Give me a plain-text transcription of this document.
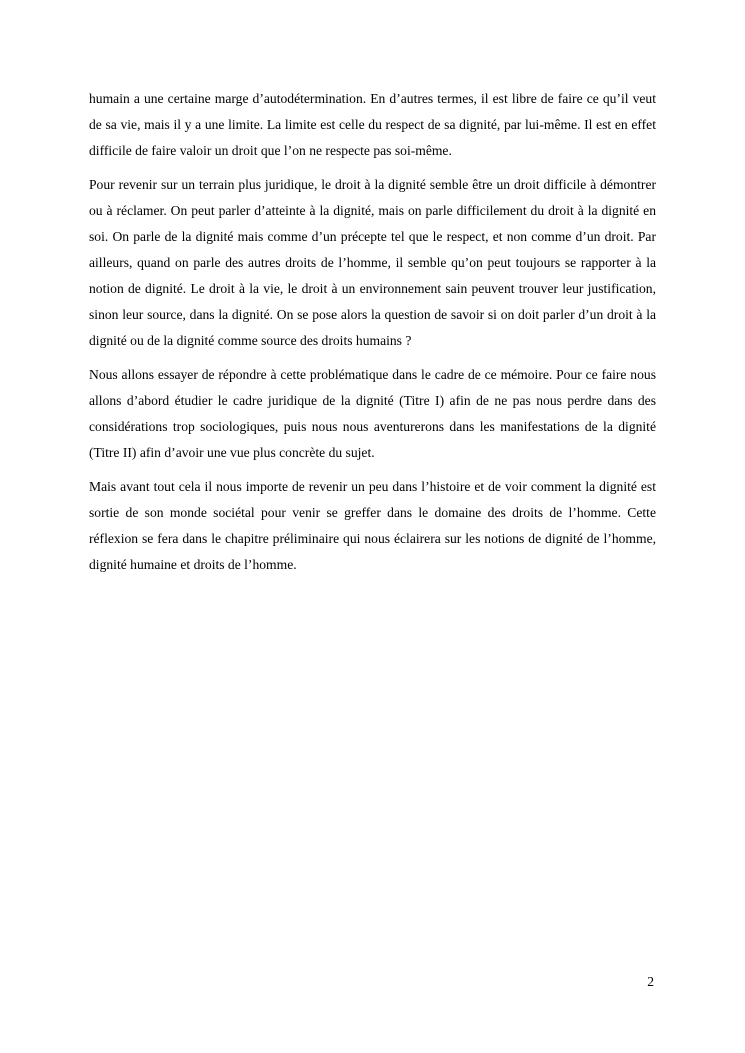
humain a une certaine marge d’autodétermination. En d’autres termes, il est libre de faire ce qu’il veut de sa vie, mais il y a une limite. La limite est celle du respect de sa dignité, par lui-même. Il est en effet difficile de faire valoir un droit que l’on ne respecte pas soi-même.

Pour revenir sur un terrain plus juridique, le droit à la dignité semble être un droit difficile à démontrer ou à réclamer. On peut parler d’atteinte à la dignité, mais on parle difficilement du droit à la dignité en soi. On parle de la dignité mais comme d’un précepte tel que le respect, et non comme d’un droit. Par ailleurs, quand on parle des autres droits de l’homme, il semble qu’on peut toujours se rapporter à la notion de dignité. Le droit à la vie, le droit à un environnement sain peuvent trouver leur justification, sinon leur source, dans la dignité. On se pose alors la question de savoir si on doit parler d’un droit à la dignité ou de la dignité comme source des droits humains ?

Nous allons essayer de répondre à cette problématique dans le cadre de ce mémoire. Pour ce faire nous allons d’abord étudier le cadre juridique de la dignité (Titre I) afin de ne pas nous perdre dans des considérations trop sociologiques, puis nous nous aventurerons dans les manifestations de la dignité (Titre II) afin d’avoir une vue plus concrète du sujet.

Mais avant tout cela il nous importe de revenir un peu dans l’histoire et de voir comment la dignité est sortie de son monde sociétal pour venir se greffer dans le domaine des droits de l’homme. Cette réflexion se fera dans le chapitre préliminaire qui nous éclairera sur les notions de dignité de l’homme, dignité humaine et droits de l’homme.

2
